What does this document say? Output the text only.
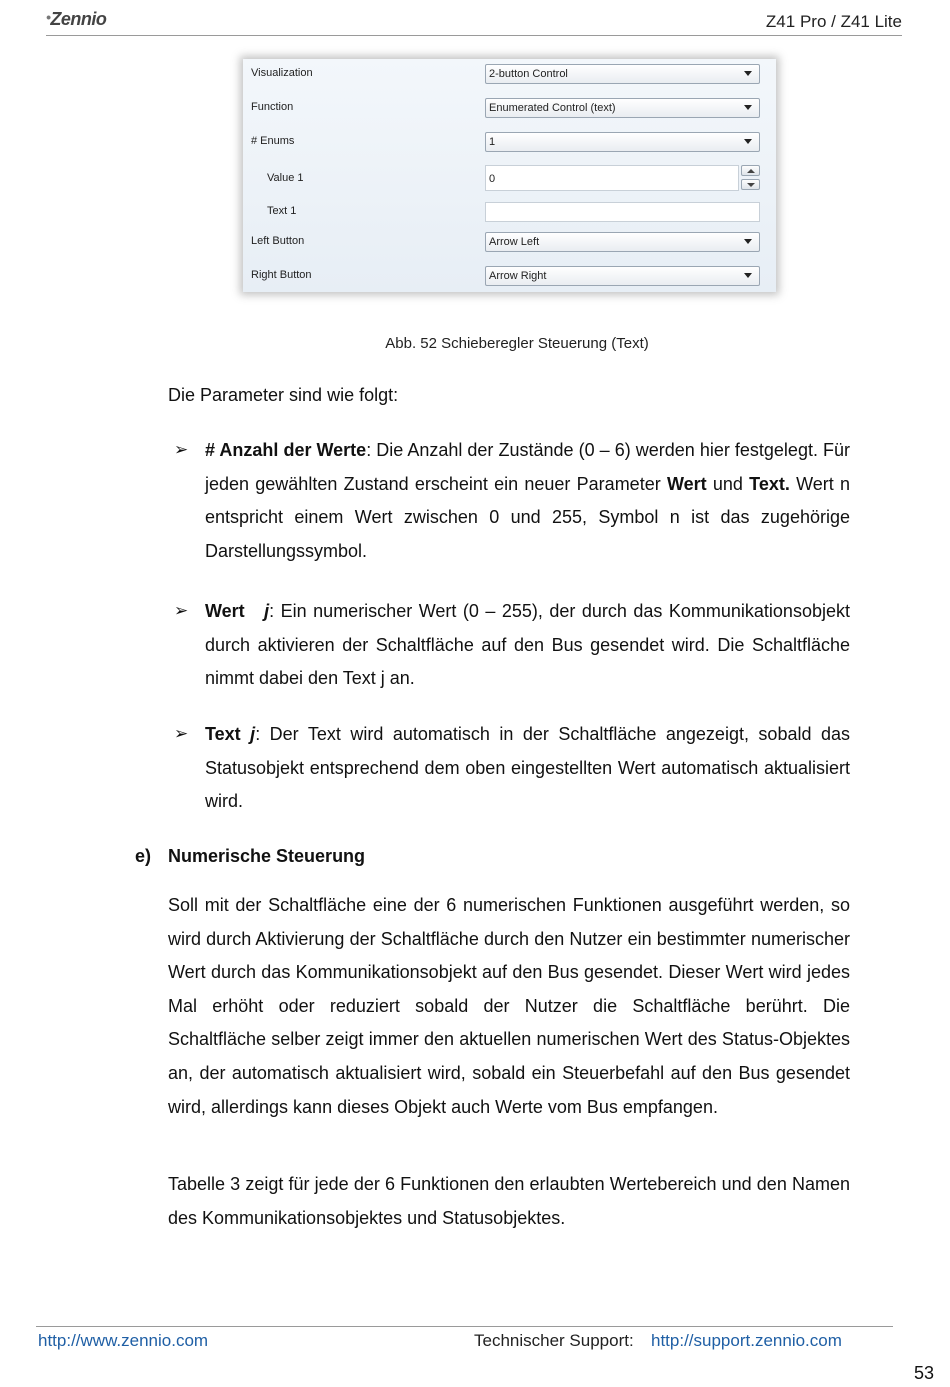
•Zennio	Z41 Pro / Z41 Lite
Visualization	2-button Control
Function	Enumerated Control (text)
# Enums	1
Value 1	0
Text 1
Left Button	Arrow Left
Right Button	Arrow Right
Abb. 52 Schieberegler Steuerung (Text)
Die Parameter sind wie folgt:
➢ # Anzahl der Werte: Die Anzahl der Zustände (0 – 6) werden hier festgelegt. Für jeden gewählten Zustand erscheint ein neuer Parameter Wert und Text. Wert n entspricht einem Wert zwischen 0 und 255, Symbol n ist das zugehörige Darstellungssymbol.
➢ Wert j: Ein numerischer Wert (0 – 255), der durch das Kommunikationsobjekt durch aktivieren der Schaltfläche auf den Bus gesendet wird. Die Schaltfläche nimmt dabei den Text j an.
➢ Text j: Der Text wird automatisch in der Schaltfläche angezeigt, sobald das Statusobjekt entsprechend dem oben eingestellten Wert automatisch aktualisiert wird.
e) Numerische Steuerung
Soll mit der Schaltfläche eine der 6 numerischen Funktionen ausgeführt werden, so wird durch Aktivierung der Schaltfläche durch den Nutzer ein bestimmter numerischer Wert durch das Kommunikationsobjekt auf den Bus gesendet. Dieser Wert wird jedes Mal erhöht oder reduziert sobald der Nutzer die Schaltfläche berührt. Die Schaltfläche selber zeigt immer den aktuellen numerischen Wert des Status-Objektes an, der automatisch aktualisiert wird, sobald ein Steuerbefahl auf den Bus gesendet wird, allerdings kann dieses Objekt auch Werte vom Bus empfangen.
Tabelle 3 zeigt für jede der 6 Funktionen den erlaubten Wertebereich und den Namen des Kommunikationsobjektes und Statusobjektes.
http://www.zennio.com	Technischer Support: http://support.zennio.com
53
